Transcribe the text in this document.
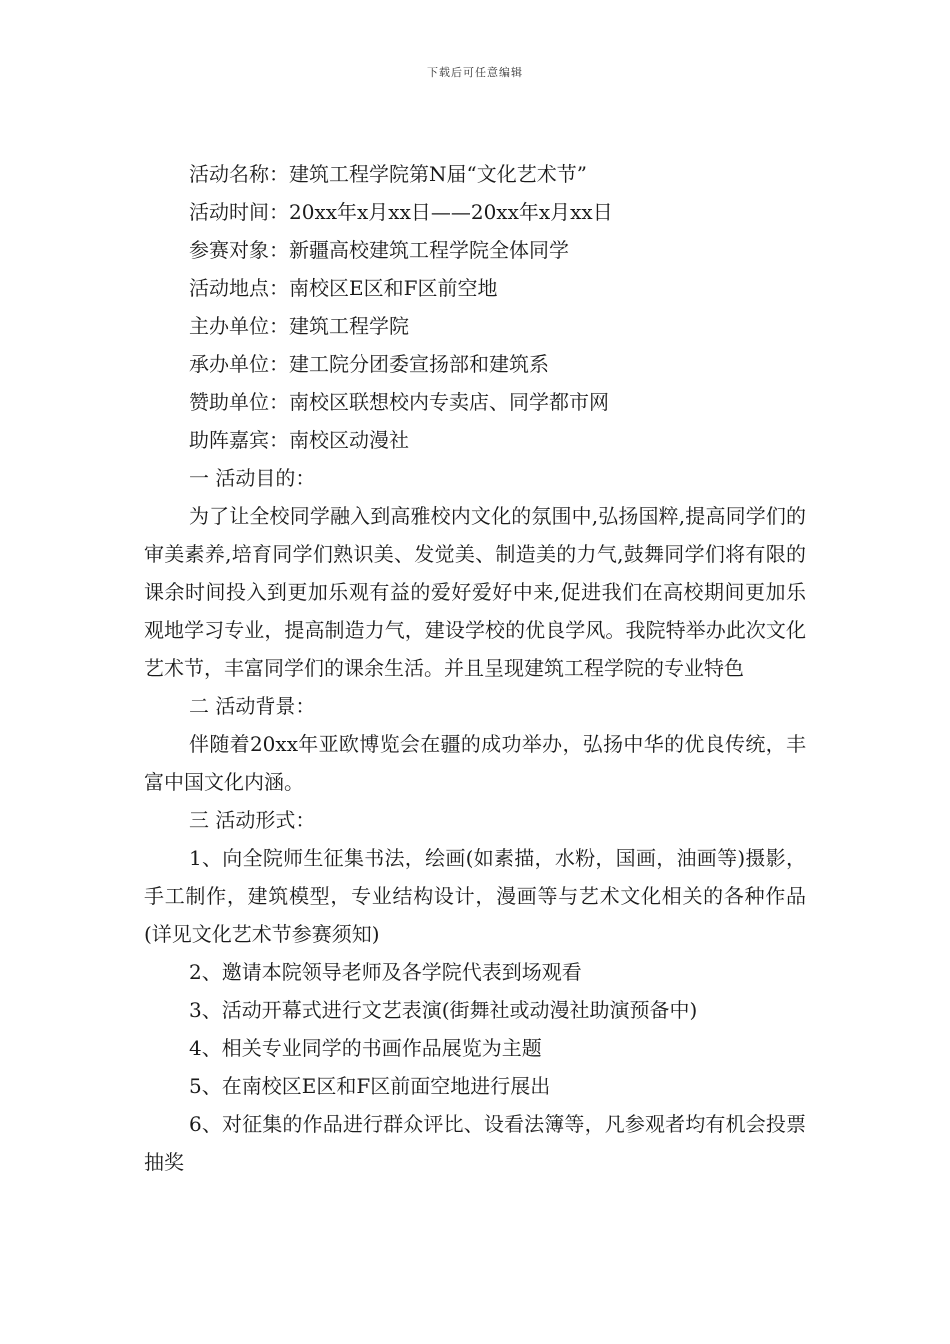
下载后可任意编辑

活动名称：建筑工程学院第N届“文化艺术节”

活动时间：20xx年x月xx日——20xx年x月xx日

参赛对象：新疆高校建筑工程学院全体同学

活动地点：南校区E区和F区前空地

主办单位：建筑工程学院

承办单位：建工院分团委宣扬部和建筑系

赞助单位：南校区联想校内专卖店、同学都市网

助阵嘉宾：南校区动漫社

一 活动目的：

为了让全校同学融入到高雅校内文化的氛围中,弘扬国粹,提高同学们的审美素养,培育同学们熟识美、发觉美、制造美的力气,鼓舞同学们将有限的课余时间投入到更加乐观有益的爱好爱好中来,促进我们在高校期间更加乐观地学习专业，提高制造力气，建设学校的优良学风。我院特举办此次文化艺术节，丰富同学们的课余生活。并且呈现建筑工程学院的专业特色

二 活动背景：

伴随着20xx年亚欧博览会在疆的成功举办，弘扬中华的优良传统，丰富中国文化内涵。

三 活动形式：

1、向全院师生征集书法，绘画(如素描，水粉，国画，油画等)摄影，手工制作，建筑模型，专业结构设计，漫画等与艺术文化相关的各种作品(详见文化艺术节参赛须知)

2、邀请本院领导老师及各学院代表到场观看

3、活动开幕式进行文艺表演(街舞社或动漫社助演预备中)

4、相关专业同学的书画作品展览为主题

5、在南校区E区和F区前面空地进行展出

6、对征集的作品进行群众评比、设看法簿等，凡参观者均有机会投票抽奖
